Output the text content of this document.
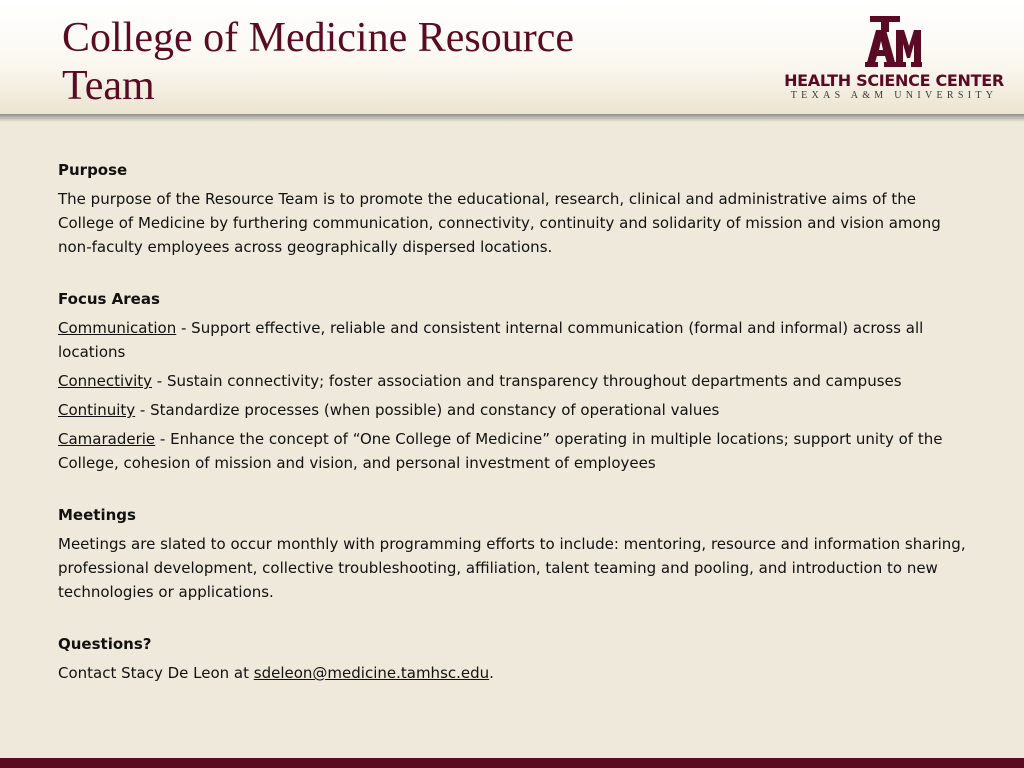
College of Medicine Resource Team	HEALTH SCIENCE CENTER
TEXAS A&M UNIVERSITY

Purpose

The purpose of the Resource Team is to promote the educational, research, clinical and administrative aims of the College of Medicine by furthering communication, connectivity, continuity and solidarity of mission and vision among non-faculty employees across geographically dispersed locations.

Focus Areas

Communication - Support effective, reliable and consistent internal communication (formal and informal) across all locations

Connectivity - Sustain connectivity; foster association and transparency throughout departments and campuses

Continuity - Standardize processes (when possible) and constancy of operational values

Camaraderie - Enhance the concept of “One College of Medicine” operating in multiple locations; support unity of the College, cohesion of mission and vision, and personal investment of employees

Meetings

Meetings are slated to occur monthly with programming efforts to include: mentoring, resource and information sharing, professional development, collective troubleshooting, affiliation, talent teaming and pooling, and introduction to new technologies or applications.

Questions?

Contact Stacy De Leon at sdeleon@medicine.tamhsc.edu.
